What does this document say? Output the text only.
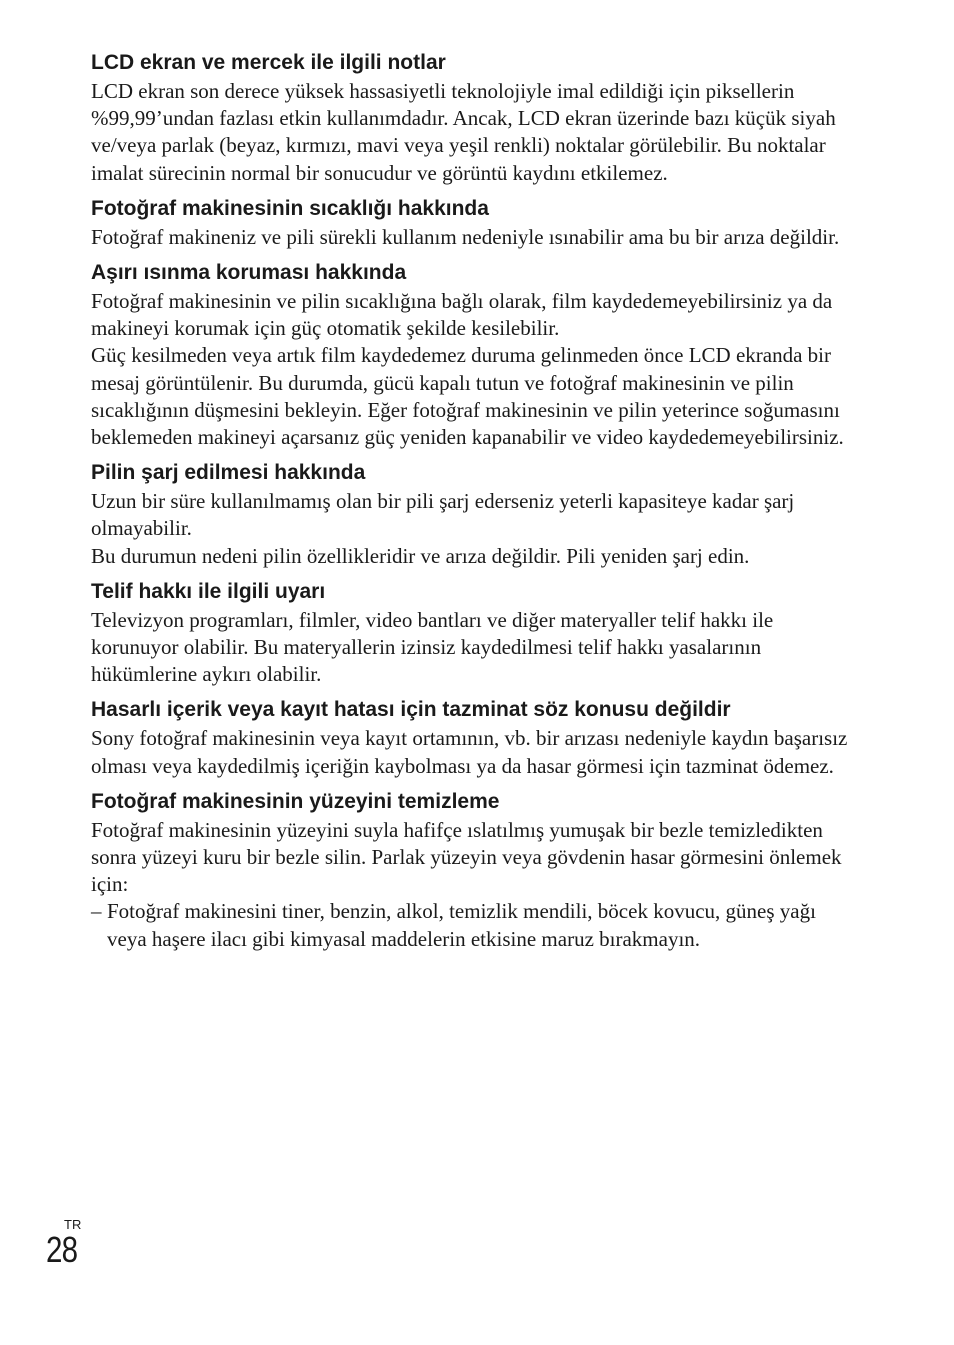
LCD ekran ve mercek ile ilgili notlar

LCD ekran son derece yüksek hassasiyetli teknolojiyle imal edildiği için piksellerin %99,99’undan fazlası etkin kullanımdadır. Ancak, LCD ekran üzerinde bazı küçük siyah ve/veya parlak (beyaz, kırmızı, mavi veya yeşil renkli) noktalar görülebilir. Bu noktalar imalat sürecinin normal bir sonucudur ve görüntü kaydını etkilemez.

Fotoğraf makinesinin sıcaklığı hakkında

Fotoğraf makineniz ve pili sürekli kullanım nedeniyle ısınabilir ama bu bir arıza değildir.

Aşırı ısınma koruması hakkında

Fotoğraf makinesinin ve pilin sıcaklığına bağlı olarak, film kaydedemeyebilirsiniz ya da makineyi korumak için güç otomatik şekilde kesilebilir.

Güç kesilmeden veya artık film kaydedemez duruma gelinmeden önce LCD ekranda bir mesaj görüntülenir. Bu durumda, gücü kapalı tutun ve fotoğraf makinesinin ve pilin sıcaklığının düşmesini bekleyin. Eğer fotoğraf makinesinin ve pilin yeterince soğumasını beklemeden makineyi açarsanız güç yeniden kapanabilir ve video kaydedemeyebilirsiniz.

Pilin şarj edilmesi hakkında

Uzun bir süre kullanılmamış olan bir pili şarj ederseniz yeterli kapasiteye kadar şarj olmayabilir.

Bu durumun nedeni pilin özellikleridir ve arıza değildir. Pili yeniden şarj edin.

Telif hakkı ile ilgili uyarı

Televizyon programları, filmler, video bantları ve diğer materyaller telif hakkı ile korunuyor olabilir. Bu materyallerin izinsiz kaydedilmesi telif hakkı yasalarının hükümlerine aykırı olabilir.

Hasarlı içerik veya kayıt hatası için tazminat söz konusu değildir

Sony fotoğraf makinesinin veya kayıt ortamının, vb. bir arızası nedeniyle kaydın başarısız olması veya kaydedilmiş içeriğin kaybolması ya da hasar görmesi için tazminat ödemez.

Fotoğraf makinesinin yüzeyini temizleme

Fotoğraf makinesinin yüzeyini suyla hafifçe ıslatılmış yumuşak bir bezle temizledikten sonra yüzeyi kuru bir bezle silin. Parlak yüzeyin veya gövdenin hasar görmesini önlemek için:

– Fotoğraf makinesini tiner, benzin, alkol, temizlik mendili, böcek kovucu, güneş yağı veya haşere ilacı gibi kimyasal maddelerin etkisine maruz bırakmayın.
TR
28
